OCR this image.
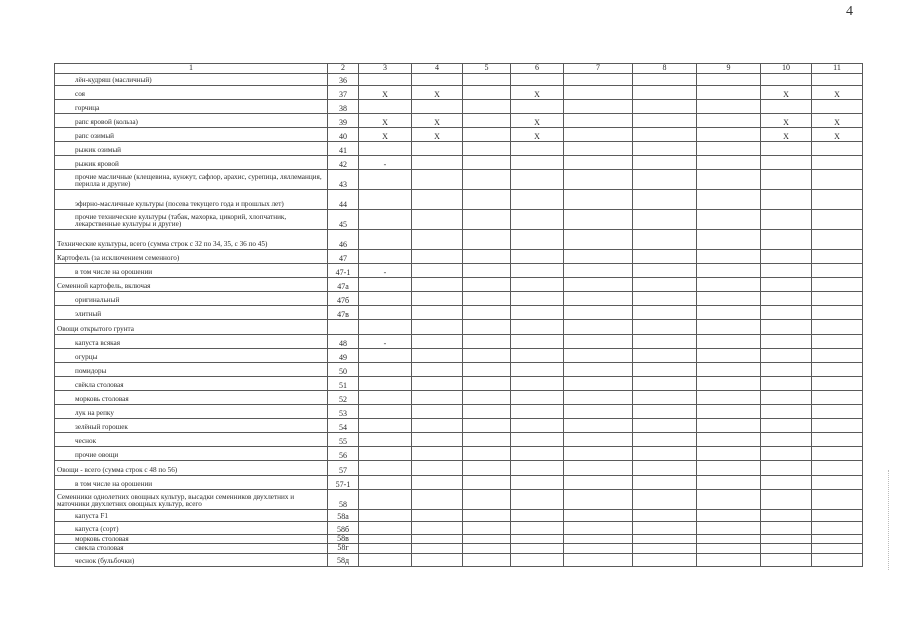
4
1	2	3	4	5	6	7	8	9	10	11
лён-кудряш (масличный)	36									
соя	37	X	X		X				X	X
горчица	38									
рапс яровой (кольза)	39	X	X		X				X	X
рапс озимый	40	X	X		X				X	X
рыжик озимый	41									
рыжик яровой	42	-								
прочие масличные (клещевина, кунжут, сафлор, арахис, сурепица, ляллеманция, перилла и другие)	43									
эфирно-масличные культуры (посева текущего года и прошлых лет)	44									
прочие технические культуры (табак, махорка, цикорий, хлопчатник, лекарственные культуры и другие)	45									
Технические культуры, всего (сумма строк с 32 по 34, 35, с 36 по 45)	46									
Картофель (за исключением семенного)	47									
в том числе на орошении	47-1	-								
Семенной картофель, включая	47а									
оригинальный	47б									
элитный	47в									
Овощи открытого грунта										
капуста всякая	48	-								
огурцы	49									
помидоры	50									
свёкла столовая	51									
морковь столовая	52									
лук на репку	53									
зелёный горошек	54									
чеснок	55									
прочие овощи	56									
Овощи - всего (сумма строк с 48 по 56)	57									
в том числе на орошении	57-1									
Семенники однолетних овощных культур, высадки семенников двухлетних и маточники двухлетних овощных культур, всего	58									
капуста F1	58а									
капуста (сорт)	58б									
морковь столовая	58в									
свекла столовая	58г									
чеснок (бульбочки)	58д									
